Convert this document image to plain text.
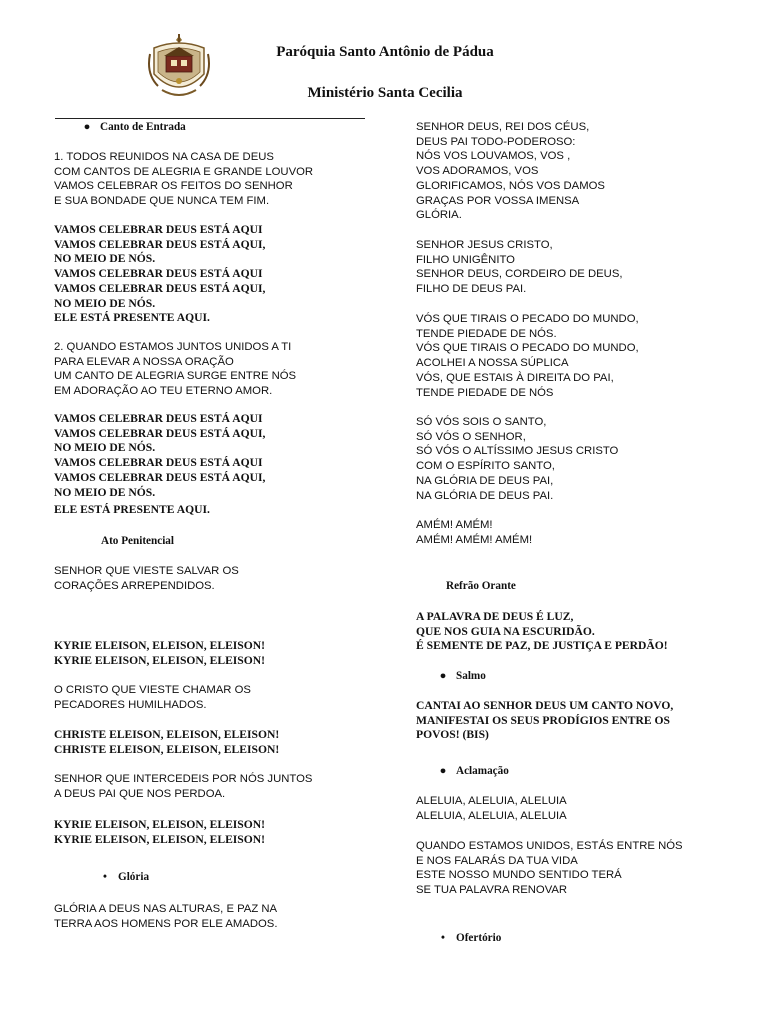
Paróquia Santo Antônio de Pádua
Ministério Santa Cecilia
● Canto de Entrada
1. TODOS REUNIDOS NA CASA DE DEUS
COM CANTOS DE ALEGRIA E GRANDE LOUVOR
VAMOS CELEBRAR OS FEITOS DO SENHOR
E SUA BONDADE QUE NUNCA TEM FIM.
VAMOS CELEBRAR DEUS ESTÁ AQUI
VAMOS CELEBRAR DEUS ESTÁ AQUI,
NO MEIO DE NÓS.
VAMOS CELEBRAR DEUS ESTÁ AQUI
VAMOS CELEBRAR DEUS ESTÁ AQUI,
NO MEIO DE NÓS.
ELE ESTÁ PRESENTE AQUI.
2. QUANDO ESTAMOS JUNTOS UNIDOS A TI
PARA ELEVAR A NOSSA ORAÇÃO
UM CANTO DE ALEGRIA SURGE ENTRE NÓS
EM ADORAÇÃO AO TEU ETERNO AMOR.
VAMOS CELEBRAR DEUS ESTÁ AQUI
VAMOS CELEBRAR DEUS ESTÁ AQUI,
NO MEIO DE NÓS.
VAMOS CELEBRAR DEUS ESTÁ AQUI
VAMOS CELEBRAR DEUS ESTÁ AQUI,
NO MEIO DE NÓS.
ELE ESTÁ PRESENTE AQUI.
Ato Penitencial
SENHOR QUE VIESTE SALVAR OS
CORAÇÕES ARREPENDIDOS.
KYRIE ELEISON, ELEISON, ELEISON!
KYRIE ELEISON, ELEISON, ELEISON!
O CRISTO QUE VIESTE CHAMAR OS
PECADORES HUMILHADOS.
CHRISTE ELEISON, ELEISON, ELEISON!
CHRISTE ELEISON, ELEISON, ELEISON!
SENHOR QUE INTERCEDEIS POR NÓS JUNTOS
A DEUS PAI QUE NOS PERDOA.
KYRIE ELEISON, ELEISON, ELEISON!
KYRIE ELEISON, ELEISON, ELEISON!
• Glória
GLÓRIA A DEUS NAS ALTURAS, E PAZ NA
TERRA AOS HOMENS POR ELE AMADOS.
SENHOR DEUS, REI DOS CÉUS,
DEUS PAI TODO-PODEROSO:
NÓS VOS LOUVAMOS, VOS ,
VOS ADORAMOS, VOS
GLORIFICAMOS, NÓS VOS DAMOS
GRAÇAS POR VOSSA IMENSA
GLÓRIA.
SENHOR JESUS CRISTO,
FILHO UNIGÊNITO
SENHOR DEUS, CORDEIRO DE DEUS,
FILHO DE DEUS PAI.
VÓS QUE TIRAIS O PECADO DO MUNDO,
TENDE PIEDADE DE NÓS.
VÓS QUE TIRAIS O PECADO DO MUNDO,
ACOLHEI A NOSSA SÚPLICA
VÓS, QUE ESTAIS À DIREITA DO PAI,
TENDE PIEDADE DE NÓS
SÓ VÓS SOIS O SANTO,
SÓ VÓS O SENHOR,
SÓ VÓS O ALTÍSSIMO JESUS CRISTO
COM O ESPÍRITO SANTO,
NA GLÓRIA DE DEUS PAI,
NA GLÓRIA DE DEUS PAI.
AMÉM! AMÉM!
AMÉM! AMÉM! AMÉM!
Refrão Orante
A PALAVRA DE DEUS É LUZ,
QUE NOS GUIA NA ESCURIDÃO.
É SEMENTE DE PAZ, DE JUSTIÇA E PERDÃO!
● Salmo
CANTAI AO SENHOR DEUS UM CANTO NOVO,
MANIFESTAI OS SEUS PRODÍGIOS ENTRE OS
POVOS! (BIS)
● Aclamação
ALELUIA, ALELUIA, ALELUIA
ALELUIA, ALELUIA, ALELUIA
QUANDO ESTAMOS UNIDOS, ESTÁS ENTRE NÓS
E NOS FALARÁS DA TUA VIDA
ESTE NOSSO MUNDO SENTIDO TERÁ
SE TUA PALAVRA RENOVAR
• Ofertório
